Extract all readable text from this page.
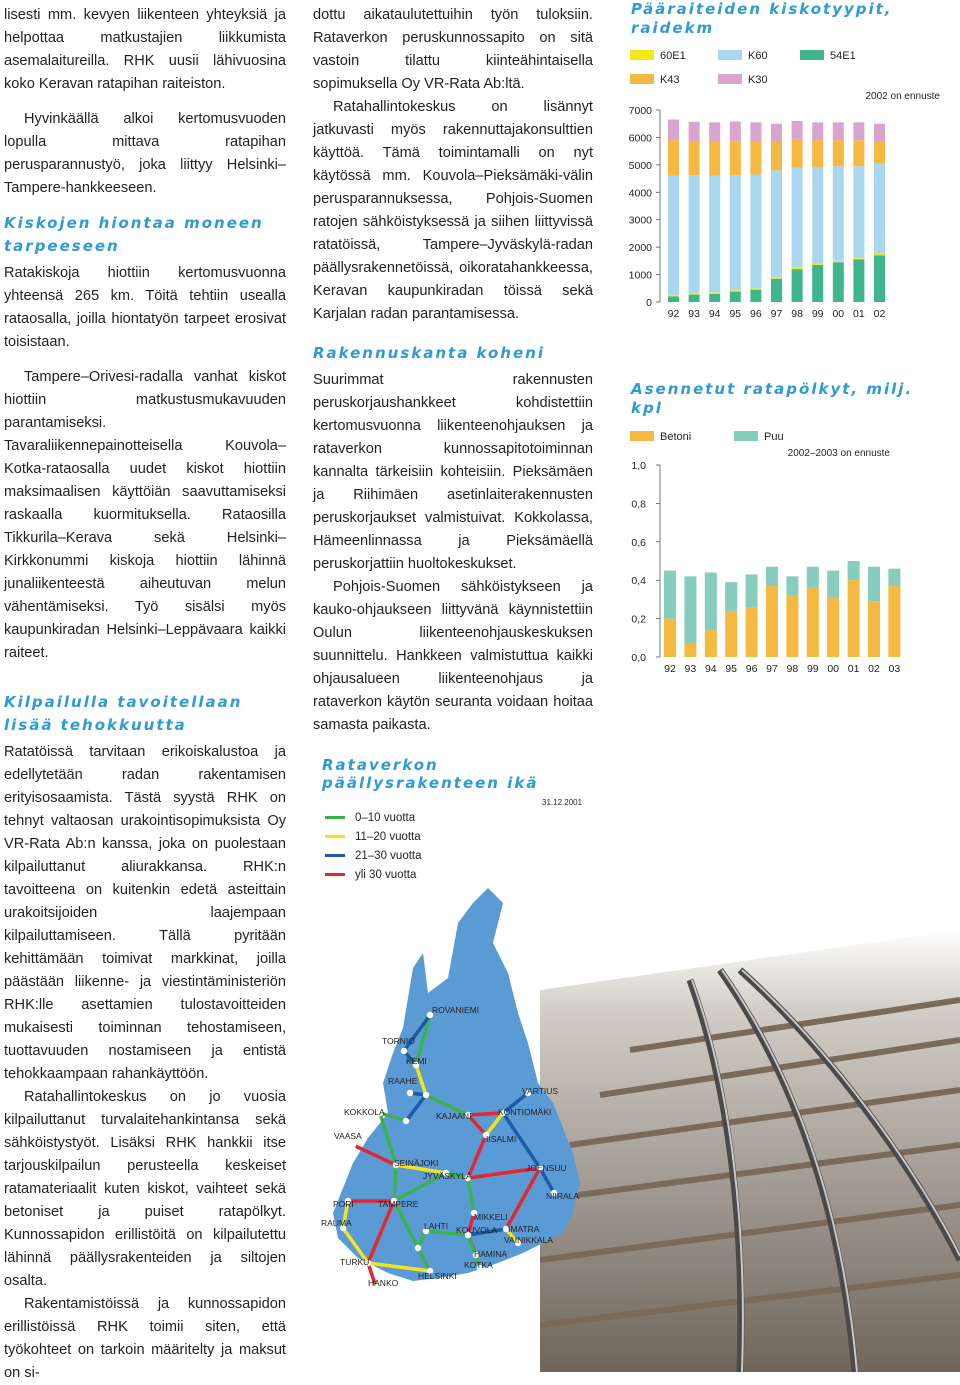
lisesti mm. kevyen liikenteen yhteyksiä ja helpottaa matkustajien liikkumista asemalaitureilla. RHK uusii lähivuosina koko Keravan ratapihan raiteiston.

Hyvinkäällä alkoi kertomusvuoden lopulla mittava ratapihan perusparannustyö, joka liittyy Helsinki–Tampere-hankkeeseen.

Kiskojen hiontaa moneen tarpeeseen

Ratakiskoja hiottiin kertomusvuonna yhteensä 265 km. Töitä tehtiin usealla rataosalla, joilla hiontatyön tarpeet erosivat toisistaan.

Tampere–Orivesi-radalla vanhat kiskot hiottiin matkustusmukavuuden parantamiseksi. Tavaraliikennepainotteisella Kouvola–Kotka-rataosalla uudet kiskot hiottiin maksimaalisen käyttöiän saavuttamiseksi raskaalla kuormituksella. Rataosilla Tikkurila–Kerava sekä Helsinki–Kirkkonummi kiskoja hiottiin lähinnä junaliikenteestä aiheutuvan melun vähentämiseksi. Työ sisälsi myös kaupunkiradan Helsinki–Leppävaara kaikki raiteet.

Kilpailulla tavoitellaan lisää tehokkuutta

Ratatöissä tarvitaan erikoiskalustoa ja edellytetään radan rakentamisen erityisosaamista. Tästä syystä RHK on tehnyt valtaosan urakointisopimuksista Oy VR-Rata Ab:n kanssa, joka on puolestaan kilpailuttanut aliurakkansa. RHK:n tavoitteena on kuitenkin edetä asteittain urakoitsijoiden laajempaan kilpailuttamiseen. Tällä pyritään kehittämään toimivat markkinat, joilla päästään liikenne- ja viestintäministeriön RHK:lle asettamien tulostavoitteiden mukaisesti toiminnan tehostamiseen, tuottavuuden nostamiseen ja entistä tehokkaampaan rahankäyttöön.

Ratahallintokeskus on jo vuosia kilpailuttanut turvalaitehankintansa sekä sähköistystyöt. Lisäksi RHK hankkii itse tarjouskilpailun perusteella keskeiset ratamateriaalit kuten kiskot, vaihteet sekä betoniset ja puiset ratapölkyt. Kunnossapidon erillistöitä on kilpailutettu lähinnä päällysrakenteiden ja siltojen osalta.

Rakentamistöissä ja kunnossapidon erillistöissä RHK toimii siten, että työkohteet on tarkoin määritelty ja maksut on si-

dottu aikataulutettuihin työn tuloksiin. Rataverkon peruskunnossapito on sitä vastoin tilattu kiinteähintaisella sopimuksella Oy VR-Rata Ab:ltä.

Ratahallintokeskus on lisännyt jatkuvasti myös rakennuttajakonsulttien käyttöä. Tämä toimintamalli on nyt käytössä mm. Kouvola–Pieksämäki-välin perusparannuksessa, Pohjois-Suomen ratojen sähköistyksessä ja siihen liittyvissä ratatöissä, Tampere–Jyväskylä-radan päällysrakennetöissä, oikoratahankkeessa, Keravan kaupunkiradan töissä sekä Karjalan radan parantamisessa.

Rakennuskanta koheni

Suurimmat rakennusten peruskorjaushankkeet kohdistettiin kertomusvuonna liikenteenohjauksen ja rataverkon kunnossapitotoiminnan kannalta tärkeisiin kohteisiin. Pieksämäen ja Riihimäen asetinlaiterakennusten peruskorjaukset valmistuivat. Kokkolassa, Hämeenlinnassa ja Pieksämäellä peruskorjattiin huoltokeskukset.

Pohjois-Suomen sähköistykseen ja kauko-ohjaukseen liittyvänä käynnistettiin Oulun liikenteenohjauskeskuksen suunnittelu. Hankkeen valmistuttua kaikki ohjausalueen liikenteenohjaus ja rataverkon käytön seuranta voidaan hoitaa samasta paikasta.

Pääraiteiden kiskotyypit, raidekm
60E1	K60	54E1
K43	K30
2002 on ennuste
0
1000
2000
3000
4000
5000
6000
7000
92 93 94 95 96 97 98 99 00 01 02
Asennetut ratapölkyt, milj. kpl
Betoni	Puu
2002–2003 on ennuste
0,0
0,2
0,4
0,6
0,8
1,0
92 93 94 95 96 97 98 99 00 01 02 03
Rataverkon päällysrakenteen ikä
31.12.2001
0–10 vuotta
11–20 vuotta
21–30 vuotta
yli 30 vuotta
ROVANIEMI
TORNIO
KEMI
RAAHE
VARTIUS
KOKKOLA	KAJAANI	KONTIOMÄKI
VAASA	IISALMI
SEINÄJOKI
JYVÄSKYLÄ
JOENSUU
NIIRALA
PORI	TAMPERE
MIKKELI
RAUMA	LAHTI KOUVOLA IMATRA
VAINIKKALA
HAMINA
TURKU	KOTKA
HELSINKI
HANKO
